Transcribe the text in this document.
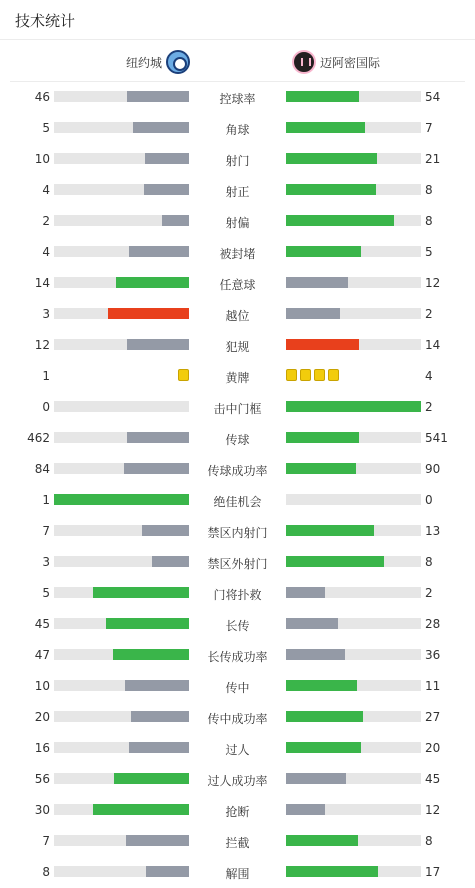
技术统计
纽约城	迈阿密国际
46	控球率	54
5	角球	7
10	射门	21
4	射正	8
2	射偏	8
4	被封堵	5
14	任意球	12
3	越位	2
12	犯规	14
1	黄牌	4
0	击中门框	2
462	传球	541
84	传球成功率	90
1	绝佳机会	0
7	禁区内射门	13
3	禁区外射门	8
5	门将扑救	2
45	长传	28
47	长传成功率	36
10	传中	11
20	传中成功率	27
16	过人	20
56	过人成功率	45
30	抢断	12
7	拦截	8
8	解围	17
